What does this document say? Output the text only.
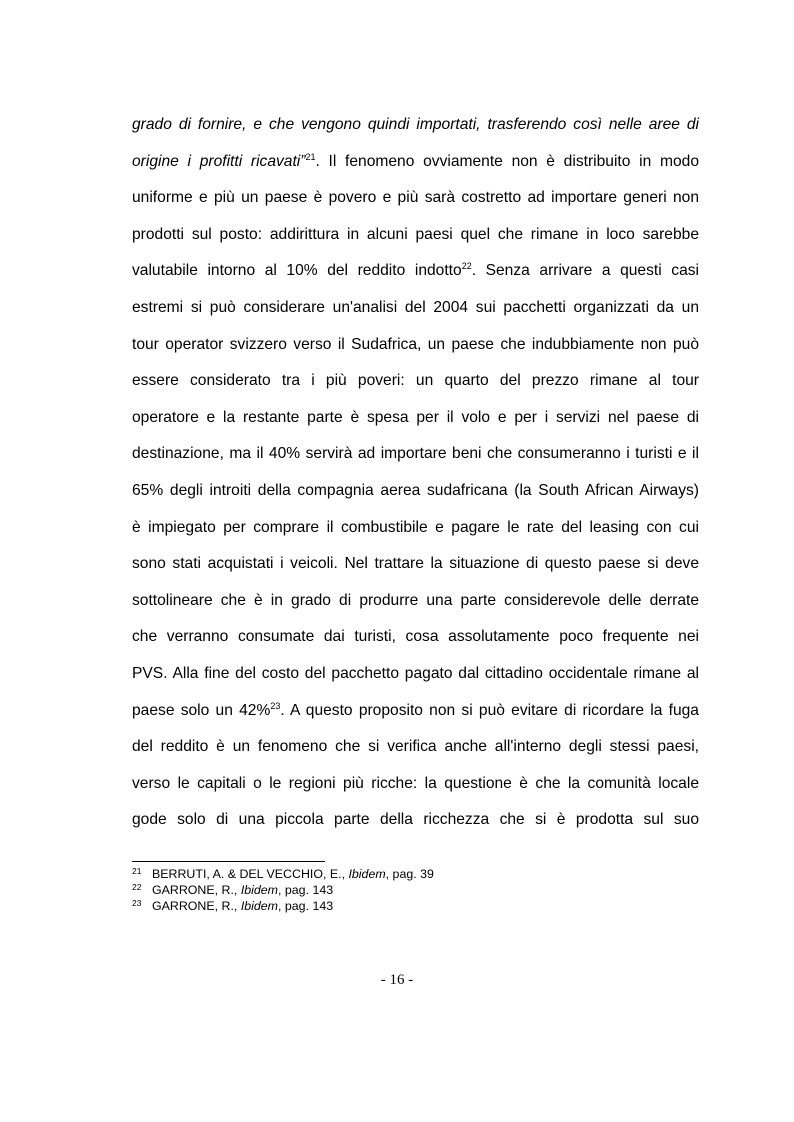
grado di fornire, e che vengono quindi importati, trasferendo così nelle aree di
origine i profitti ricavati”$^{21}$. Il fenomeno ovviamente non è distribuito in modo
uniforme e più un paese è povero e più sarà costretto ad importare generi non
prodotti sul posto: addirittura in alcuni paesi quel che rimane in loco sarebbe
valutabile intorno al 10% del reddito indotto$^{22}$. Senza arrivare a questi casi
estremi si può considerare un'analisi del 2004 sui pacchetti organizzati da un
tour operator svizzero verso il Sudafrica, un paese che indubbiamente non può
essere considerato tra i più poveri: un quarto del prezzo rimane al tour
operatore e la restante parte è spesa per il volo e per i servizi nel paese di
destinazione, ma il 40% servirà ad importare beni che consumeranno i turisti e il
65% degli introiti della compagnia aerea sudafricana (la South African Airways)
è impiegato per comprare il combustibile e pagare le rate del leasing con cui
sono stati acquistati i veicoli. Nel trattare la situazione di questo paese si deve
sottolineare che è in grado di produrre una parte considerevole delle derrate
che verranno consumate dai turisti, cosa assolutamente poco frequente nei
PVS. Alla fine del costo del pacchetto pagato dal cittadino occidentale rimane al
paese solo un 42%$^{23}$. A questo proposito non si può evitare di ricordare la fuga
del reddito è un fenomeno che si verifica anche all'interno degli stessi paesi,
verso le capitali o le regioni più ricche: la questione è che la comunità locale
gode solo di una piccola parte della ricchezza che si è prodotta sul suo
21 BERRUTI, A. & DEL VECCHIO, E., Ibidem, pag. 39
22 GARRONE, R., Ibidem, pag. 143
23 GARRONE, R., Ibidem, pag. 143
- 16 -
